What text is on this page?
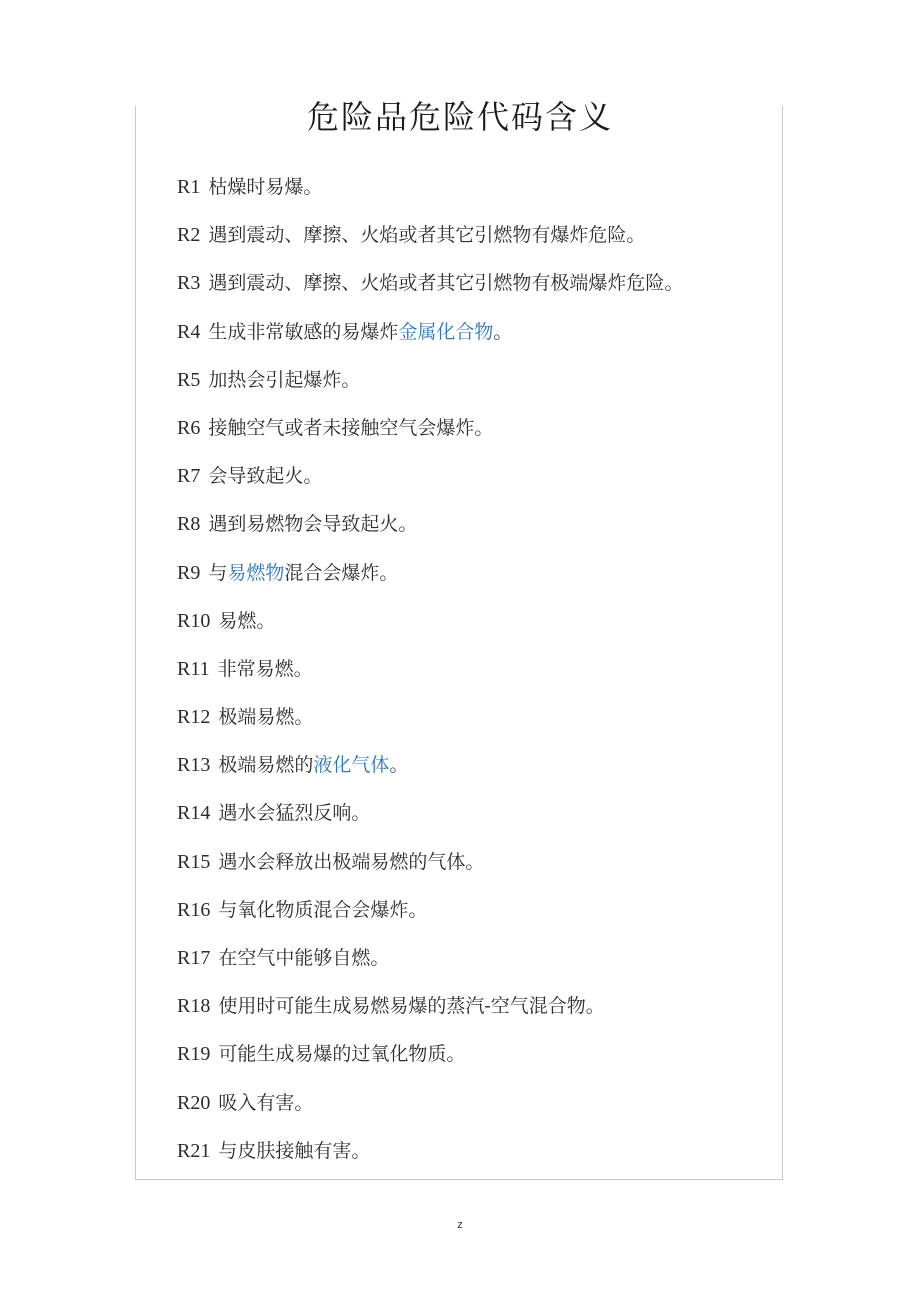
危险品危险代码含义
R1 枯燥时易爆。
R2 遇到震动、摩擦、火焰或者其它引燃物有爆炸危险。
R3 遇到震动、摩擦、火焰或者其它引燃物有极端爆炸危险。
R4 生成非常敏感的易爆炸金属化合物。
R5 加热会引起爆炸。
R6 接触空气或者未接触空气会爆炸。
R7 会导致起火。
R8 遇到易燃物会导致起火。
R9 与易燃物混合会爆炸。
R10 易燃。
R11 非常易燃。
R12 极端易燃。
R13 极端易燃的液化气体。
R14 遇水会猛烈反响。
R15 遇水会释放出极端易燃的气体。
R16 与氧化物质混合会爆炸。
R17 在空气中能够自燃。
R18 使用时可能生成易燃易爆的蒸汽-空气混合物。
R19 可能生成易爆的过氧化物质。
R20 吸入有害。
R21 与皮肤接触有害。
z
